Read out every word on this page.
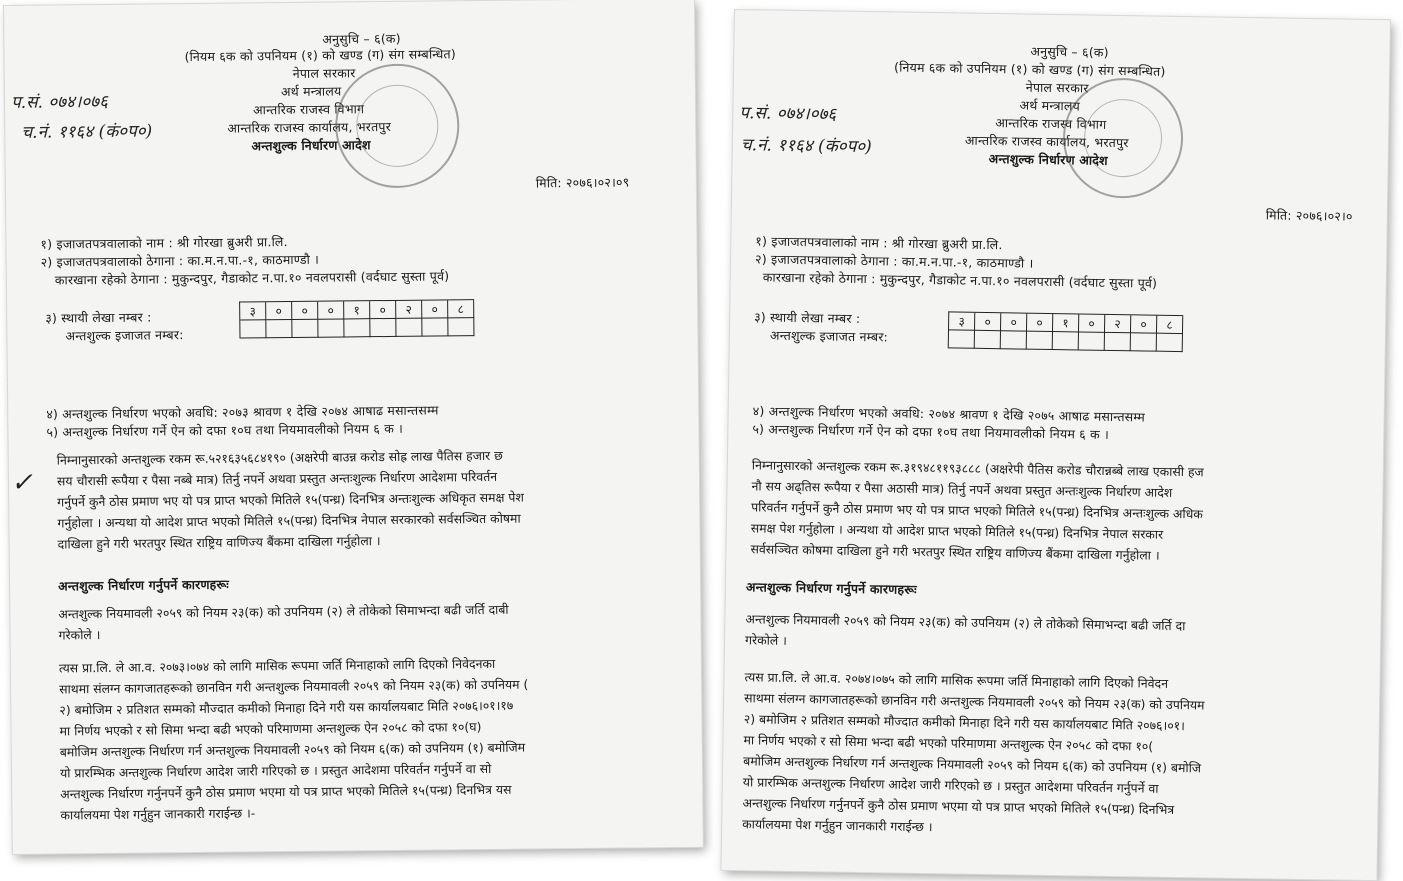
अनुसुचि – ६(क)
(नियम ६क को उपनियम (१) को खण्ड (ग) संग सम्बन्धित)
नेपाल सरकार
अर्थ मन्त्रालय
आन्तरिक राजस्व विभाग
आन्तरिक राजस्व कार्यालय, भरतपुर
अन्तशुल्क निर्धारण आदेश
प.सं. ०७४।०७६
च.नं. ११६४ (कं०प०)
मिति: २०७६।०२।०९
१) इजाजतपत्रवालाको नाम : श्री गोरखा ब्रुअरी प्रा.लि.
२) इजाजतपत्रवालाको ठेगाना : का.म.न.पा.-१, काठमाण्डौ ।
कारखाना रहेको ठेगाना : मुकुन्दपुर, गैडाकोट न.पा.१० नवलपरासी (वर्दघाट सुस्ता पूर्व)
३) स्थायी लेखा नम्बर :
अन्तशुल्क इजाजत नम्बर:
३	०	०	०	१	०	२	०	८
४) अन्तशुल्क निर्धारण भएको अवधि: २०७३ श्रावण १ देखि २०७४ आषाढ मसान्तसम्म
५) अन्तशुल्क निर्धारण गर्ने ऐन को दफा १०घ तथा नियमावलीको नियम ६ क ।
✓
निम्नानुसारको अन्तशुल्क रकम रू.५२१६३५६८४१९० (अक्षरेपी बाउन्न करोड सोह्र लाख पैतिस हजार छ
सय चौरासी रूपैया र पैसा नब्बे मात्र) तिर्नु नपर्ने अथवा प्रस्तुत अन्तःशुल्क निर्धारण आदेशमा परिवर्तन
गर्नुपर्ने कुनै ठोस प्रमाण भए यो पत्र प्राप्त भएको मितिले १५(पन्ध्र) दिनभित्र अन्तःशुल्क अधिकृत समक्ष पेश
गर्नुहोला । अन्यथा यो आदेश प्राप्त भएको मितिले १५(पन्ध्र) दिनभित्र नेपाल सरकारको सर्वसञ्चित कोषमा
दाखिला हुने गरी भरतपुर स्थित राष्ट्रिय वाणिज्य बैंकमा दाखिला गर्नुहोला ।
अन्तशुल्क निर्धारण गर्नुपर्ने कारणहरूः
अन्तशुल्क नियमावली २०५९ को नियम २३(क) को उपनियम (२) ले तोकेको सिमाभन्दा बढी जर्ति दाबी
गरेकोले ।
त्यस प्रा.लि. ले आ.व. २०७३।०७४ को लागि मासिक रूपमा जर्ति मिनाहाको लागि दिएको निवेदनका
साथमा संलग्न कागजातहरूको छानविन गरी अन्तशुल्क नियमावली २०५९ को नियम २३(क) को उपनियम (
२) बमोजिम २ प्रतिशत सम्मको मौज्दात कमीको मिनाहा दिने गरी यस कार्यालयबाट मिति २०७६।०१।१७
मा निर्णय भएको र सो सिमा भन्दा बढी भएको परिमाणमा अन्तशुल्क ऐन २०५८ को दफा १०(घ)
बमोजिम अन्तशुल्क निर्धारण गर्न अन्तशुल्क नियमावली २०५९ को नियम ६(क) को उपनियम (१) बमोजिम
यो प्रारम्भिक अन्तशुल्क निर्धारण आदेश जारी गरिएको छ । प्रस्तुत आदेशमा परिवर्तन गर्नुपर्ने वा सो
अन्तशुल्क निर्धारण गर्नुनपर्ने कुनै ठोस प्रमाण भएमा यो पत्र प्राप्त भएको मितिले १५(पन्ध्र) दिनभित्र यस
कार्यालयमा पेश गर्नुहुन जानकारी गराईन्छ ।-
अनुसुचि – ६(क)
(नियम ६क को उपनियम (१) को खण्ड (ग) संग सम्बन्धित)
नेपाल सरकार
अर्थ मन्त्रालय
आन्तरिक राजस्व विभाग
आन्तरिक राजस्व कार्यालय, भरतपुर
अन्तशुल्क निर्धारण आदेश
प.सं. ०७४।०७६
च.नं. ११६४ (कं०प०)
मिति: २०७६।०२।०
१) इजाजतपत्रवालाको नाम : श्री गोरखा ब्रुअरी प्रा.लि.
२) इजाजतपत्रवालाको ठेगाना : का.म.न.पा.-१, काठमाण्डौ ।
कारखाना रहेको ठेगाना : मुकुन्दपुर, गैडाकोट न.पा.१० नवलपरासी (वर्दघाट सुस्ता पूर्व)
३) स्थायी लेखा नम्बर :
अन्तशुल्क इजाजत नम्बर:
३	०	०	०	१	०	२	०	८
४) अन्तशुल्क निर्धारण भएको अवधि: २०७४ श्रावण १ देखि २०७५ आषाढ मसान्तसम्म
५) अन्तशुल्क निर्धारण गर्ने ऐन को दफा १०घ तथा नियमावलीको नियम ६ क ।
निम्नानुसारको अन्तशुल्क रकम रू.३१९४८११९३८८८ (अक्षरेपी पैतिस करोड चौरान्नब्बे लाख एकासी हज
नौ सय अढ्तिस रूपैया र पैसा अठासी मात्र) तिर्नु नपर्ने अथवा प्रस्तुत अन्तःशुल्क निर्धारण आदेश
परिवर्तन गर्नुपर्ने कुनै ठोस प्रमाण भए यो पत्र प्राप्त भएको मितिले १५(पन्ध्र) दिनभित्र अन्तःशुल्क अधिक
समक्ष पेश गर्नुहोला । अन्यथा यो आदेश प्राप्त भएको मितिले १५(पन्ध्र) दिनभित्र नेपाल सरकार
सर्वसञ्चित कोषमा दाखिला हुने गरी भरतपुर स्थित राष्ट्रिय वाणिज्य बैंकमा दाखिला गर्नुहोला ।
अन्तशुल्क निर्धारण गर्नुपर्ने कारणहरूः
अन्तशुल्क नियमावली २०५९ को नियम २३(क) को उपनियम (२) ले तोकेको सिमाभन्दा बढी जर्ति दा
गरेकोले ।
त्यस प्रा.लि. ले आ.व. २०७४।०७५ को लागि मासिक रूपमा जर्ति मिनाहाको लागि दिएको निवेदन
साथमा संलग्न कागजातहरूको छानविन गरी अन्तशुल्क नियमावली २०५९ को नियम २३(क) को उपनियम
२) बमोजिम २ प्रतिशत सम्मको मौज्दात कमीको मिनाहा दिने गरी यस कार्यालयबाट मिति २०७६।०१।
मा निर्णय भएको र सो सिमा भन्दा बढी भएको परिमाणमा अन्तशुल्क ऐन २०५८ को दफा १०(
बमोजिम अन्तशुल्क निर्धारण गर्न अन्तशुल्क नियमावली २०५९ को नियम ६(क) को उपनियम (१) बमोजि
यो प्रारम्भिक अन्तशुल्क निर्धारण आदेश जारी गरिएको छ । प्रस्तुत आदेशमा परिवर्तन गर्नुपर्ने वा
अन्तशुल्क निर्धारण गर्नुनपर्ने कुनै ठोस प्रमाण भएमा यो पत्र प्राप्त भएको मितिले १५(पन्ध्र) दिनभित्र
कार्यालयमा पेश गर्नुहुन जानकारी गराईन्छ ।
